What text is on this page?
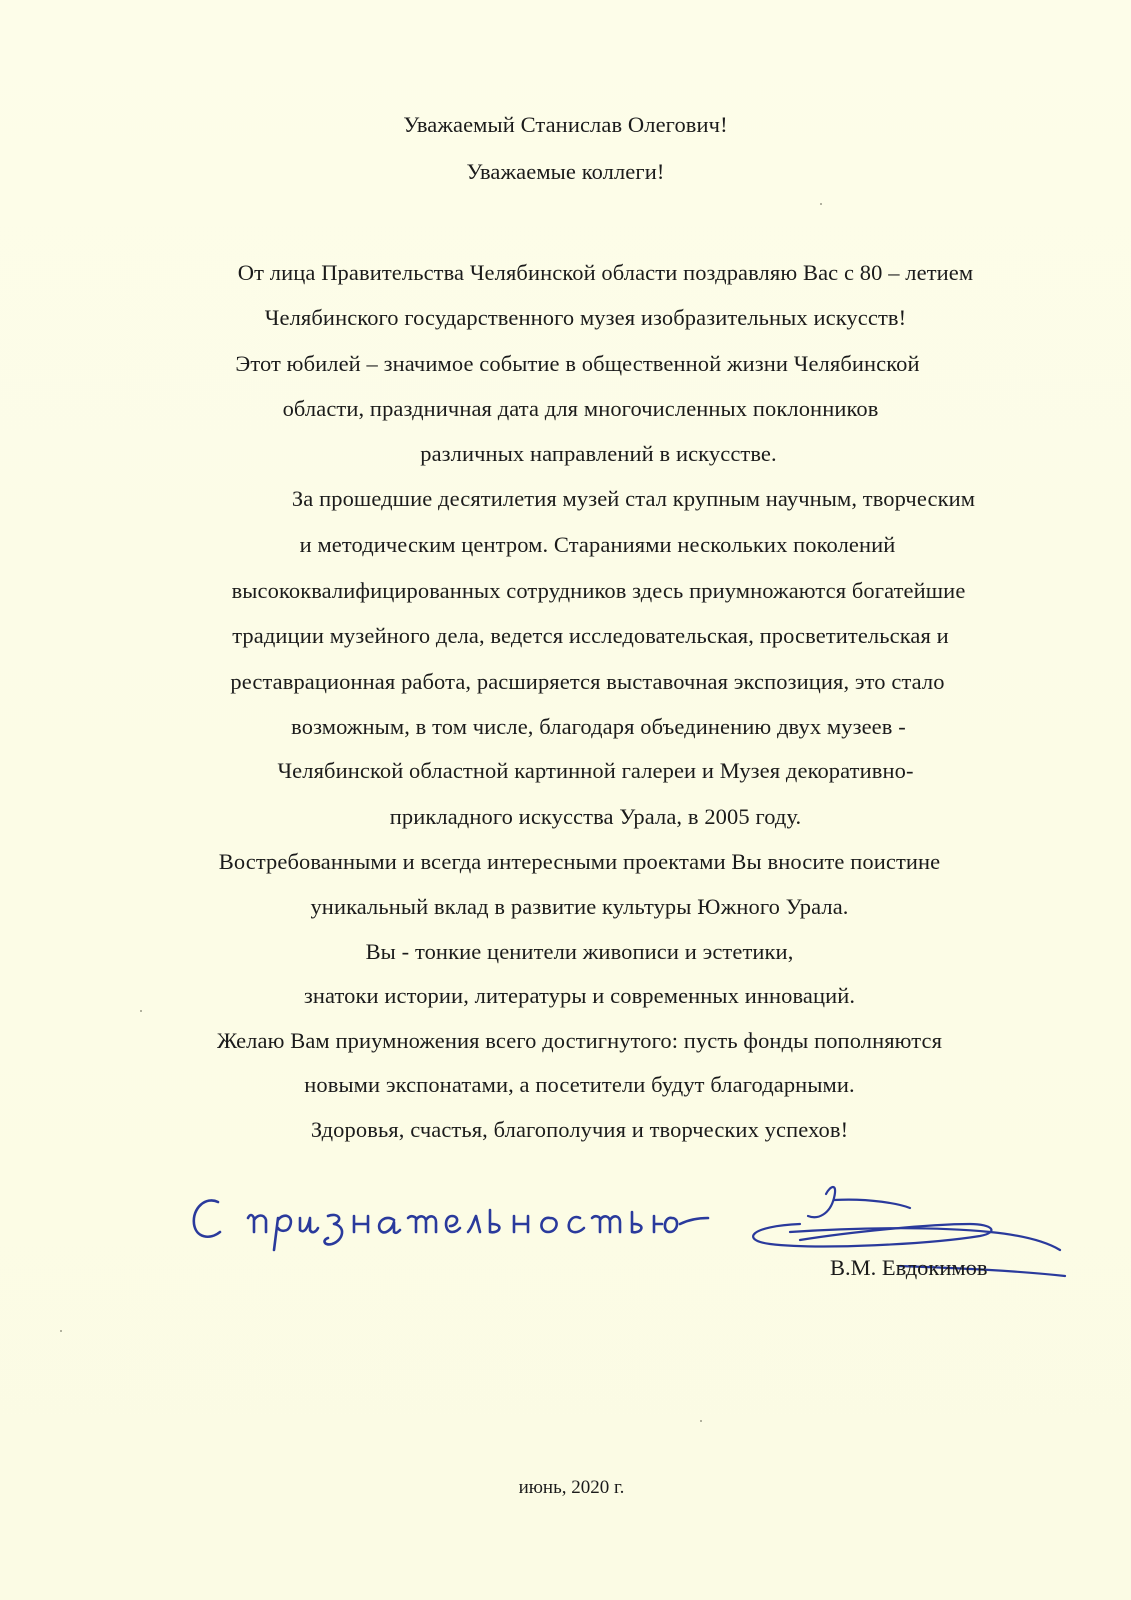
Уважаемый Станислав Олегович!
Уважаемые коллеги!
От лица Правительства Челябинской области поздравляю Вас с 80 – летием
Челябинского государственного музея изобразительных искусств!
Этот юбилей – значимое событие в общественной жизни Челябинской
области, праздничная дата для многочисленных поклонников
различных направлений в искусстве.
За прошедшие десятилетия музей стал крупным научным, творческим
и методическим центром. Стараниями нескольких поколений
высококвалифицированных сотрудников здесь приумножаются богатейшие
традиции музейного дела, ведется исследовательская, просветительская и
реставрационная работа, расширяется выставочная экспозиция, это стало
возможным, в том числе, благодаря объединению двух музеев -
Челябинской областной картинной галереи и Музея декоративно-
прикладного искусства Урала, в 2005 году.
Востребованными и всегда интересными проектами Вы вносите поистине
уникальный вклад в развитие культуры Южного Урала.
Вы - тонкие ценители живописи и эстетики,
знатоки истории, литературы и современных инноваций.
Желаю Вам приумножения всего достигнутого: пусть фонды пополняются
новыми экспонатами, а посетители будут благодарными.
Здоровья, счастья, благополучия и творческих успехов!
В.М. Евдокимов
июнь, 2020 г.
